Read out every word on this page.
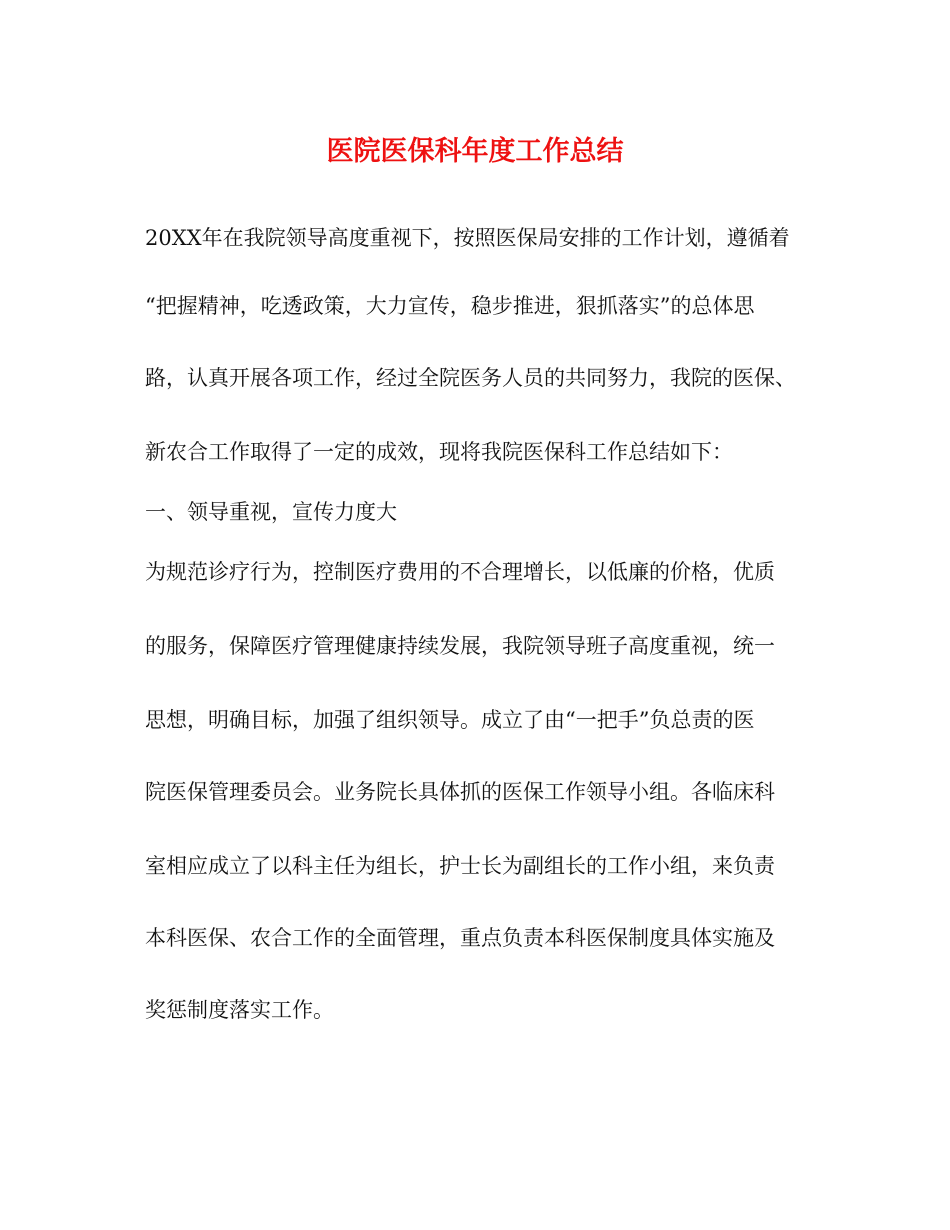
医院医保科年度工作总结

20XX年在我院领导高度重视下，按照医保局安排的工作计划，遵循着

“把握精神，吃透政策，大力宣传，稳步推进，狠抓落实”的总体思

路，认真开展各项工作，经过全院医务人员的共同努力，我院的医保、

新农合工作取得了一定的成效，现将我院医保科工作总结如下：

一、领导重视，宣传力度大

为规范诊疗行为，控制医疗费用的不合理增长，以低廉的价格，优质

的服务，保障医疗管理健康持续发展，我院领导班子高度重视，统一

思想，明确目标，加强了组织领导。成立了由“一把手”负总责的医

院医保管理委员会。业务院长具体抓的医保工作领导小组。各临床科

室相应成立了以科主任为组长，护士长为副组长的工作小组，来负责

本科医保、农合工作的全面管理，重点负责本科医保制度具体实施及

奖惩制度落实工作。
